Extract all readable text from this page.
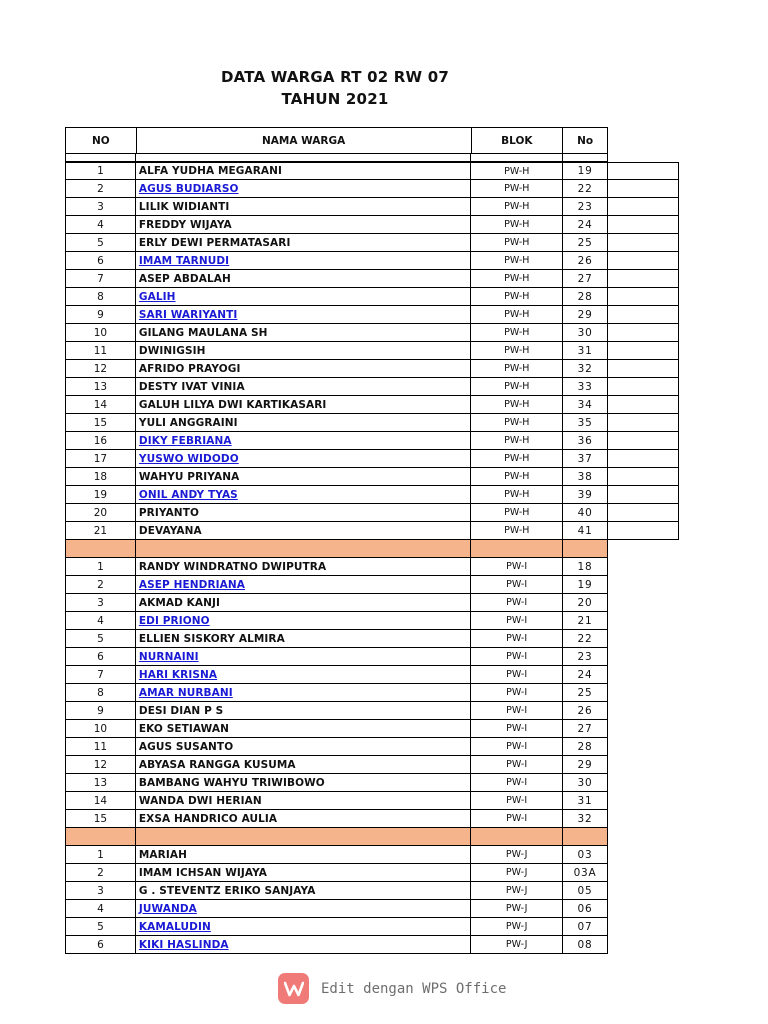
DATA WARGA RT 02 RW 07
TAHUN 2021
NO	NAMA WARGA	BLOK	No
1	ALFA YUDHA MEGARANI	PW-H	19
2	AGUS BUDIARSO	PW-H	22
3	LILIK WIDIANTI	PW-H	23
4	FREDDY WIJAYA	PW-H	24
5	ERLY DEWI PERMATASARI	PW-H	25
6	IMAM TARNUDI	PW-H	26
7	ASEP ABDALAH	PW-H	27
8	GALIH	PW-H	28
9	SARI WARIYANTI	PW-H	29
10	GILANG MAULANA SH	PW-H	30
11	DWINIGSIH	PW-H	31
12	AFRIDO PRAYOGI	PW-H	32
13	DESTY IVAT VINIA	PW-H	33
14	GALUH LILYA DWI KARTIKASARI	PW-H	34
15	YULI ANGGRAINI	PW-H	35
16	DIKY FEBRIANA	PW-H	36
17	YUSWO WIDODO	PW-H	37
18	WAHYU PRIYANA	PW-H	38
19	ONIL ANDY TYAS	PW-H	39
20	PRIYANTO	PW-H	40
21	DEVAYANA	PW-H	41
1	RANDY WINDRATNO DWIPUTRA	PW-I	18
2	ASEP HENDRIANA	PW-I	19
3	AKMAD KANJI	PW-I	20
4	EDI PRIONO	PW-I	21
5	ELLIEN SISKORY ALMIRA	PW-I	22
6	NURNAINI	PW-I	23
7	HARI KRISNA	PW-I	24
8	AMAR NURBANI	PW-I	25
9	DESI DIAN P S	PW-I	26
10	EKO SETIAWAN	PW-I	27
11	AGUS SUSANTO	PW-I	28
12	ABYASA RANGGA KUSUMA	PW-I	29
13	BAMBANG WAHYU TRIWIBOWO	PW-I	30
14	WANDA DWI HERIAN	PW-I	31
15	EXSA HANDRICO AULIA	PW-I	32
1	MARIAH	PW-J	03
2	IMAM ICHSAN WIJAYA	PW-J	03A
3	G . STEVENTZ ERIKO SANJAYA	PW-J	05
4	JUWANDA	PW-J	06
5	KAMALUDIN	PW-J	07
6	KIKI HASLINDA	PW-J	08
Edit dengan WPS Office
